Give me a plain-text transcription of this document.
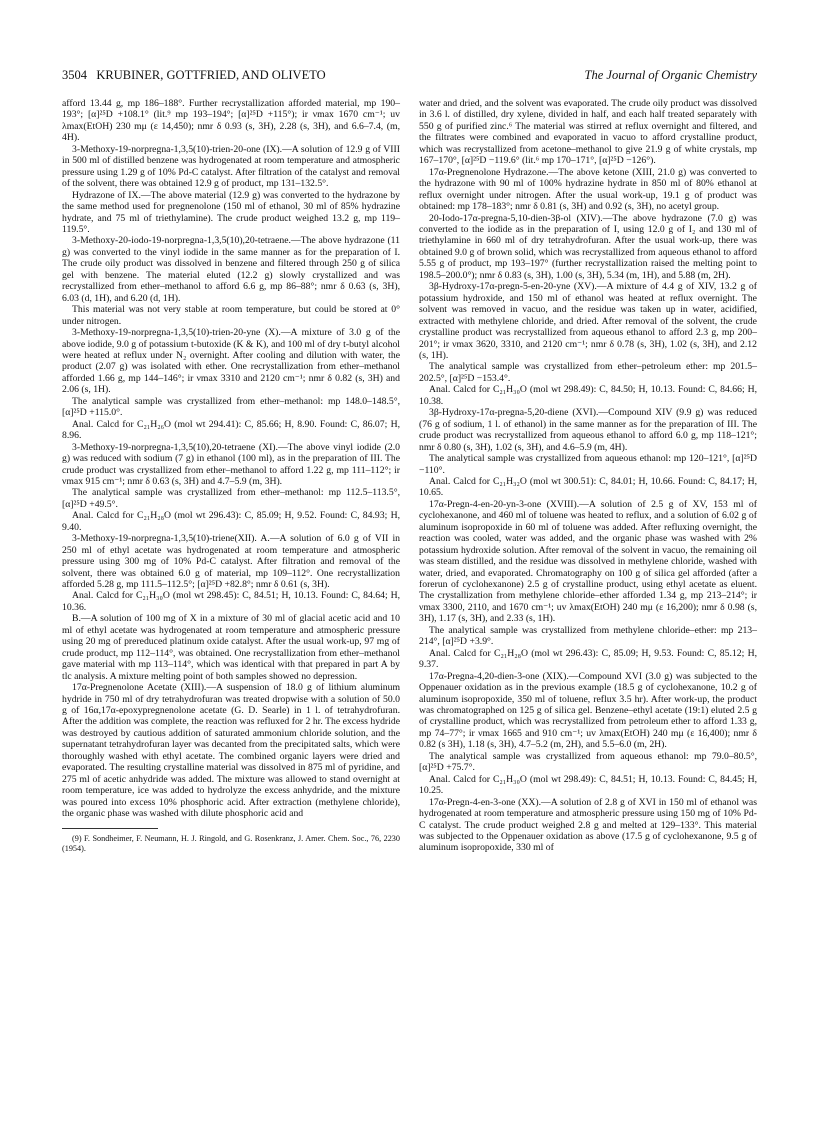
3504 KRUBINER, GOTTFRIED, AND OLIVETO	The Journal of Organic Chemistry

afford 13.44 g, mp 186–188°. Further recrystallization afforded material, mp 190–193°; [α]²⁵D +108.1° (lit.⁹ mp 193–194°; [α]²⁵D +115°); ir νmax 1670 cm⁻¹; uv λmax(EtOH) 230 mμ (ε 14,450); nmr δ 0.93 (s, 3H), 2.28 (s, 3H), and 6.6–7.4, (m, 4H).

3-Methoxy-19-norpregna-1,3,5(10)-trien-20-one (IX).—A solution of 12.9 g of VIII in 500 ml of distilled benzene was hydrogenated at room temperature and atmospheric pressure using 1.29 g of 10% Pd-C catalyst. After filtration of the catalyst and removal of the solvent, there was obtained 12.9 g of product, mp 131–132.5°.

Hydrazone of IX.—The above material (12.9 g) was converted to the hydrazone by the same method used for pregnenolone (150 ml of ethanol, 30 ml of 85% hydrazine hydrate, and 75 ml of triethylamine). The crude product weighed 13.2 g, mp 119–119.5°.

3-Methoxy-20-iodo-19-norpregna-1,3,5(10),20-tetraene.—The above hydrazone (11 g) was converted to the vinyl iodide in the same manner as for the preparation of I. The crude oily product was dissolved in benzene and filtered through 250 g of silica gel with benzene. The material eluted (12.2 g) slowly crystallized and was recrystallized from ether–methanol to afford 6.6 g, mp 86–88°; nmr δ 0.63 (s, 3H), 6.03 (d, 1H), and 6.20 (d, 1H).

This material was not very stable at room temperature, but could be stored at 0° under nitrogen.

3-Methoxy-19-norpregna-1,3,5(10)-trien-20-yne (X).—A mixture of 3.0 g of the above iodide, 9.0 g of potassium t-butoxide (K & K), and 100 ml of dry t-butyl alcohol were heated at reflux under N₂ overnight. After cooling and dilution with water, the product (2.07 g) was isolated with ether. One recrystallization from ether–methanol afforded 1.66 g, mp 144–146°; ir νmax 3310 and 2120 cm⁻¹; nmr δ 0.82 (s, 3H) and 2.06 (s, 1H).

The analytical sample was crystallized from ether–methanol: mp 148.0–148.5°, [α]²⁵D +115.0°.

Anal. Calcd for C₂₁H₂₆O (mol wt 294.41): C, 85.66; H, 8.90. Found: C, 86.07; H, 8.96.

3-Methoxy-19-norpregna-1,3,5(10),20-tetraene (XI).—The above vinyl iodide (2.0 g) was reduced with sodium (7 g) in ethanol (100 ml), as in the preparation of III. The crude product was crystallized from ether–methanol to afford 1.22 g, mp 111–112°; ir νmax 915 cm⁻¹; nmr δ 0.63 (s, 3H) and 4.7–5.9 (m, 3H).

The analytical sample was crystallized from ether–methanol: mp 112.5–113.5°, [α]²⁵D +49.5°.

Anal. Calcd for C₂₁H₂₈O (mol wt 296.43): C, 85.09; H, 9.52. Found: C, 84.93; H, 9.40.

3-Methoxy-19-norpregna-1,3,5(10)-triene(XII). A.—A solution of 6.0 g of VII in 250 ml of ethyl acetate was hydrogenated at room temperature and atmospheric pressure using 300 mg of 10% Pd-C catalyst. After filtration and removal of the solvent, there was obtained 6.0 g of material, mp 109–112°. One recrystallization afforded 5.28 g, mp 111.5–112.5°; [α]²⁵D +82.8°; nmr δ 0.61 (s, 3H).

Anal. Calcd for C₂₁H₃₀O (mol wt 298.45): C, 84.51; H, 10.13. Found: C, 84.64; H, 10.36.

B.—A solution of 100 mg of X in a mixture of 30 ml of glacial acetic acid and 10 ml of ethyl acetate was hydrogenated at room temperature and atmospheric pressure using 20 mg of prereduced platinum oxide catalyst. After the usual work-up, 97 mg of crude product, mp 112–114°, was obtained. One recrystallization from ether–methanol gave material with mp 113–114°, which was identical with that prepared in part A by tlc analysis. A mixture melting point of both samples showed no depression.

17α-Pregnenolone Acetate (XIII).—A suspension of 18.0 g of lithium aluminum hydride in 750 ml of dry tetrahydrofuran was treated dropwise with a solution of 50.0 g of 16α,17α-epoxypregnenolone acetate (G. D. Searle) in 1 l. of tetrahydrofuran. After the addition was complete, the reaction was refluxed for 2 hr. The excess hydride was destroyed by cautious addition of saturated ammonium chloride solution, and the supernatant tetrahydrofuran layer was decanted from the precipitated salts, which were thoroughly washed with ethyl acetate. The combined organic layers were dried and evaporated. The resulting crystalline material was dissolved in 875 ml of pyridine, and 275 ml of acetic anhydride was added. The mixture was allowed to stand overnight at room temperature, ice was added to hydrolyze the excess anhydride, and the mixture was poured into excess 10% phosphoric acid. After extraction (methylene chloride), the organic phase was washed with dilute phosphoric acid and

(9) F. Sondheimer, F. Neumann, H. J. Ringold, and G. Rosenkranz, J. Amer. Chem. Soc., 76, 2230 (1954).

water and dried, and the solvent was evaporated. The crude oily product was dissolved in 3.6 l. of distilled, dry xylene, divided in half, and each half treated separately with 550 g of purified zinc.⁶ The material was stirred at reflux overnight and filtered, and the filtrates were combined and evaporated in vacuo to afford crystalline product, which was recrystallized from acetone–methanol to give 21.9 g of white crystals, mp 167–170°, [α]²⁵D −119.6° (lit.⁶ mp 170–171°, [α]²⁵D −126°).

17α-Pregnenolone Hydrazone.—The above ketone (XIII, 21.0 g) was converted to the hydrazone with 90 ml of 100% hydrazine hydrate in 850 ml of 80% ethanol at reflux overnight under nitrogen. After the usual work-up, 19.1 g of product was obtained: mp 178–183°; nmr δ 0.81 (s, 3H) and 0.92 (s, 3H), no acetyl group.

20-Iodo-17α-pregna-5,10-dien-3β-ol (XIV).—The above hydrazone (7.0 g) was converted to the iodide as in the preparation of I, using 12.0 g of I₂ and 130 ml of triethylamine in 660 ml of dry tetrahydrofuran. After the usual work-up, there was obtained 9.0 g of brown solid, which was recrystallized from aqueous ethanol to afford 5.55 g of product, mp 193–197° (further recrystallization raised the melting point to 198.5–200.0°); nmr δ 0.83 (s, 3H), 1.00 (s, 3H), 5.34 (m, 1H), and 5.88 (m, 2H).

3β-Hydroxy-17α-pregn-5-en-20-yne (XV).—A mixture of 4.4 g of XIV, 13.2 g of potassium hydroxide, and 150 ml of ethanol was heated at reflux overnight. The solvent was removed in vacuo, and the residue was taken up in water, acidified, extracted with methylene chloride, and dried. After removal of the solvent, the crude crystalline product was recrystallized from aqueous ethanol to afford 2.3 g, mp 200–201°; ir νmax 3620, 3310, and 2120 cm⁻¹; nmr δ 0.78 (s, 3H), 1.02 (s, 3H), and 2.12 (s, 1H).

The analytical sample was crystallized from ether–petroleum ether: mp 201.5–202.5°, [α]²⁵D −153.4°.

Anal. Calcd for C₂₁H₃₀O (mol wt 298.49): C, 84.50; H, 10.13. Found: C, 84.66; H, 10.38.

3β-Hydroxy-17α-pregna-5,20-diene (XVI).—Compound XIV (9.9 g) was reduced (76 g of sodium, 1 l. of ethanol) in the same manner as for the preparation of III. The crude product was recrystallized from aqueous ethanol to afford 6.0 g, mp 118–121°; nmr δ 0.80 (s, 3H), 1.02 (s, 3H), and 4.6–5.9 (m, 4H).

The analytical sample was crystallized from aqueous ethanol: mp 120–121°, [α]²⁵D −110°.

Anal. Calcd for C₂₁H₃₂O (mol wt 300.51): C, 84.01; H, 10.66. Found: C, 84.17; H, 10.65.

17α-Pregn-4-en-20-yn-3-one (XVIII).—A solution of 2.5 g of XV, 153 ml of cyclohexanone, and 460 ml of toluene was heated to reflux, and a solution of 6.02 g of aluminum isopropoxide in 60 ml of toluene was added. After refluxing overnight, the reaction was cooled, water was added, and the organic phase was washed with 2% potassium hydroxide solution. After removal of the solvent in vacuo, the remaining oil was steam distilled, and the residue was dissolved in methylene chloride, washed with water, dried, and evaporated. Chromatography on 100 g of silica gel afforded (after a forerun of cyclohexanone) 2.5 g of crystalline product, using ethyl acetate as eluent. The crystallization from methylene chloride–ether afforded 1.34 g, mp 213–214°; ir νmax 3300, 2110, and 1670 cm⁻¹; uv λmax(EtOH) 240 mμ (ε 16,200); nmr δ 0.98 (s, 3H), 1.17 (s, 3H), and 2.33 (s, 1H).

The analytical sample was crystallized from methylene chloride–ether: mp 213–214°, [α]²⁵D +3.9°.

Anal. Calcd for C₂₁H₂₈O (mol wt 296.43): C, 85.09; H, 9.53. Found: C, 85.12; H, 9.37.

17α-Pregna-4,20-dien-3-one (XIX).—Compound XVI (3.0 g) was subjected to the Oppenauer oxidation as in the previous example (18.5 g of cyclohexanone, 10.2 g of aluminum isopropoxide, 350 ml of toluene, reflux 3.5 hr). After work-up, the product was chromatographed on 125 g of silica gel. Benzene–ethyl acetate (19:1) eluted 2.5 g of crystalline product, which was recrystallized from petroleum ether to afford 1.33 g, mp 74–77°; ir νmax 1665 and 910 cm⁻¹; uv λmax(EtOH) 240 mμ (ε 16,400); nmr δ 0.82 (s 3H), 1.18 (s, 3H), 4.7–5.2 (m, 2H), and 5.5–6.0 (m, 2H).

The analytical sample was crystallized from aqueous ethanol: mp 79.0–80.5°, [α]²⁵D +75.7°.

Anal. Calcd for C₂₁H₃₀O (mol wt 298.49): C, 84.51; H, 10.13. Found: C, 84.45; H, 10.25.

17α-Pregn-4-en-3-one (XX).—A solution of 2.8 g of XVI in 150 ml of ethanol was hydrogenated at room temperature and atmospheric pressure using 150 mg of 10% Pd-C catalyst. The crude product weighed 2.8 g and melted at 129–133°. This material was subjected to the Oppenauer oxidation as above (17.5 g of cyclohexanone, 9.5 g of aluminum isopropoxide, 330 ml of
